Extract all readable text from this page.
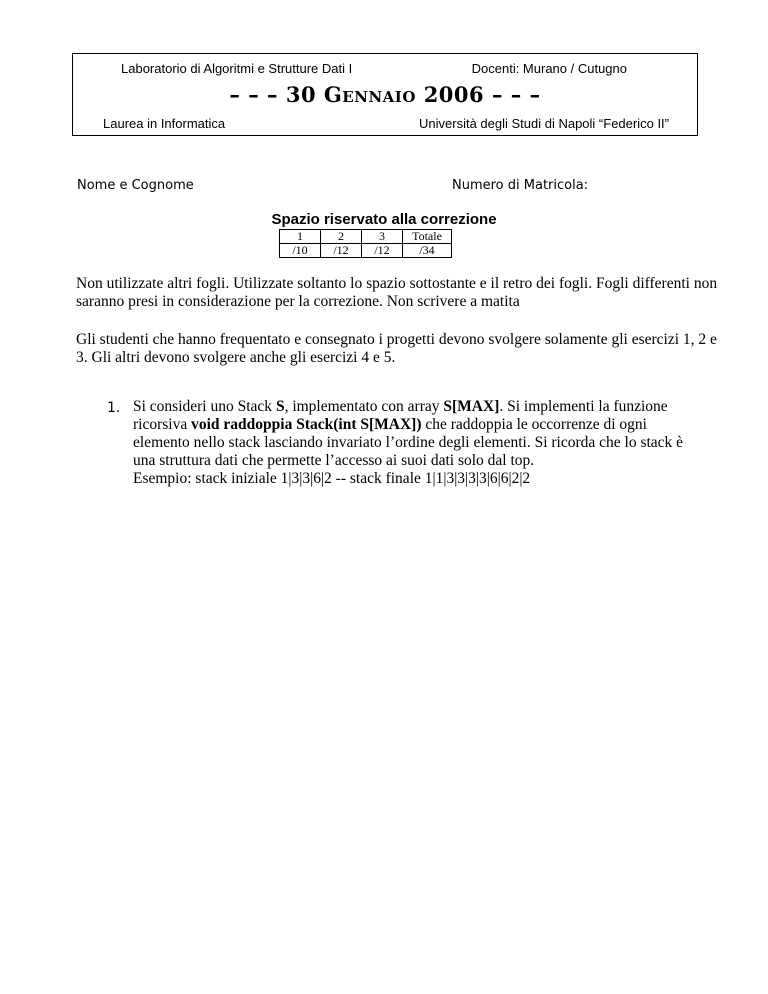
Laboratorio di Algoritmi e Strutture Dati I	Docenti: Murano / Cutugno
– – – 30 Gennaio 2006 – – –
Laurea in Informatica	Università degli Studi di Napoli “Federico II”
Nome e Cognome	Numero di Matricola:
Spazio riservato alla correzione
1	2	3	Totale
/10	/12	/12	/34
Non utilizzate altri fogli. Utilizzate soltanto lo spazio sottostante e il retro dei fogli. Fogli differenti non saranno presi in considerazione per la correzione. Non scrivere a matita
Gli studenti che hanno frequentato e consegnato i progetti devono svolgere solamente gli esercizi 1, 2 e 3. Gli altri devono svolgere anche gli esercizi 4 e 5.
1. Si consideri uno Stack S, implementato con array S[MAX]. Si implementi la funzione ricorsiva void raddoppia Stack(int S[MAX]) che raddoppia le occorrenze di ogni elemento nello stack lasciando invariato l’ordine degli elementi. Si ricorda che lo stack è una struttura dati che permette l’accesso ai suoi dati solo dal top.
Esempio: stack iniziale 1|3|3|6|2 -- stack finale 1|1|3|3|3|3|6|6|2|2
